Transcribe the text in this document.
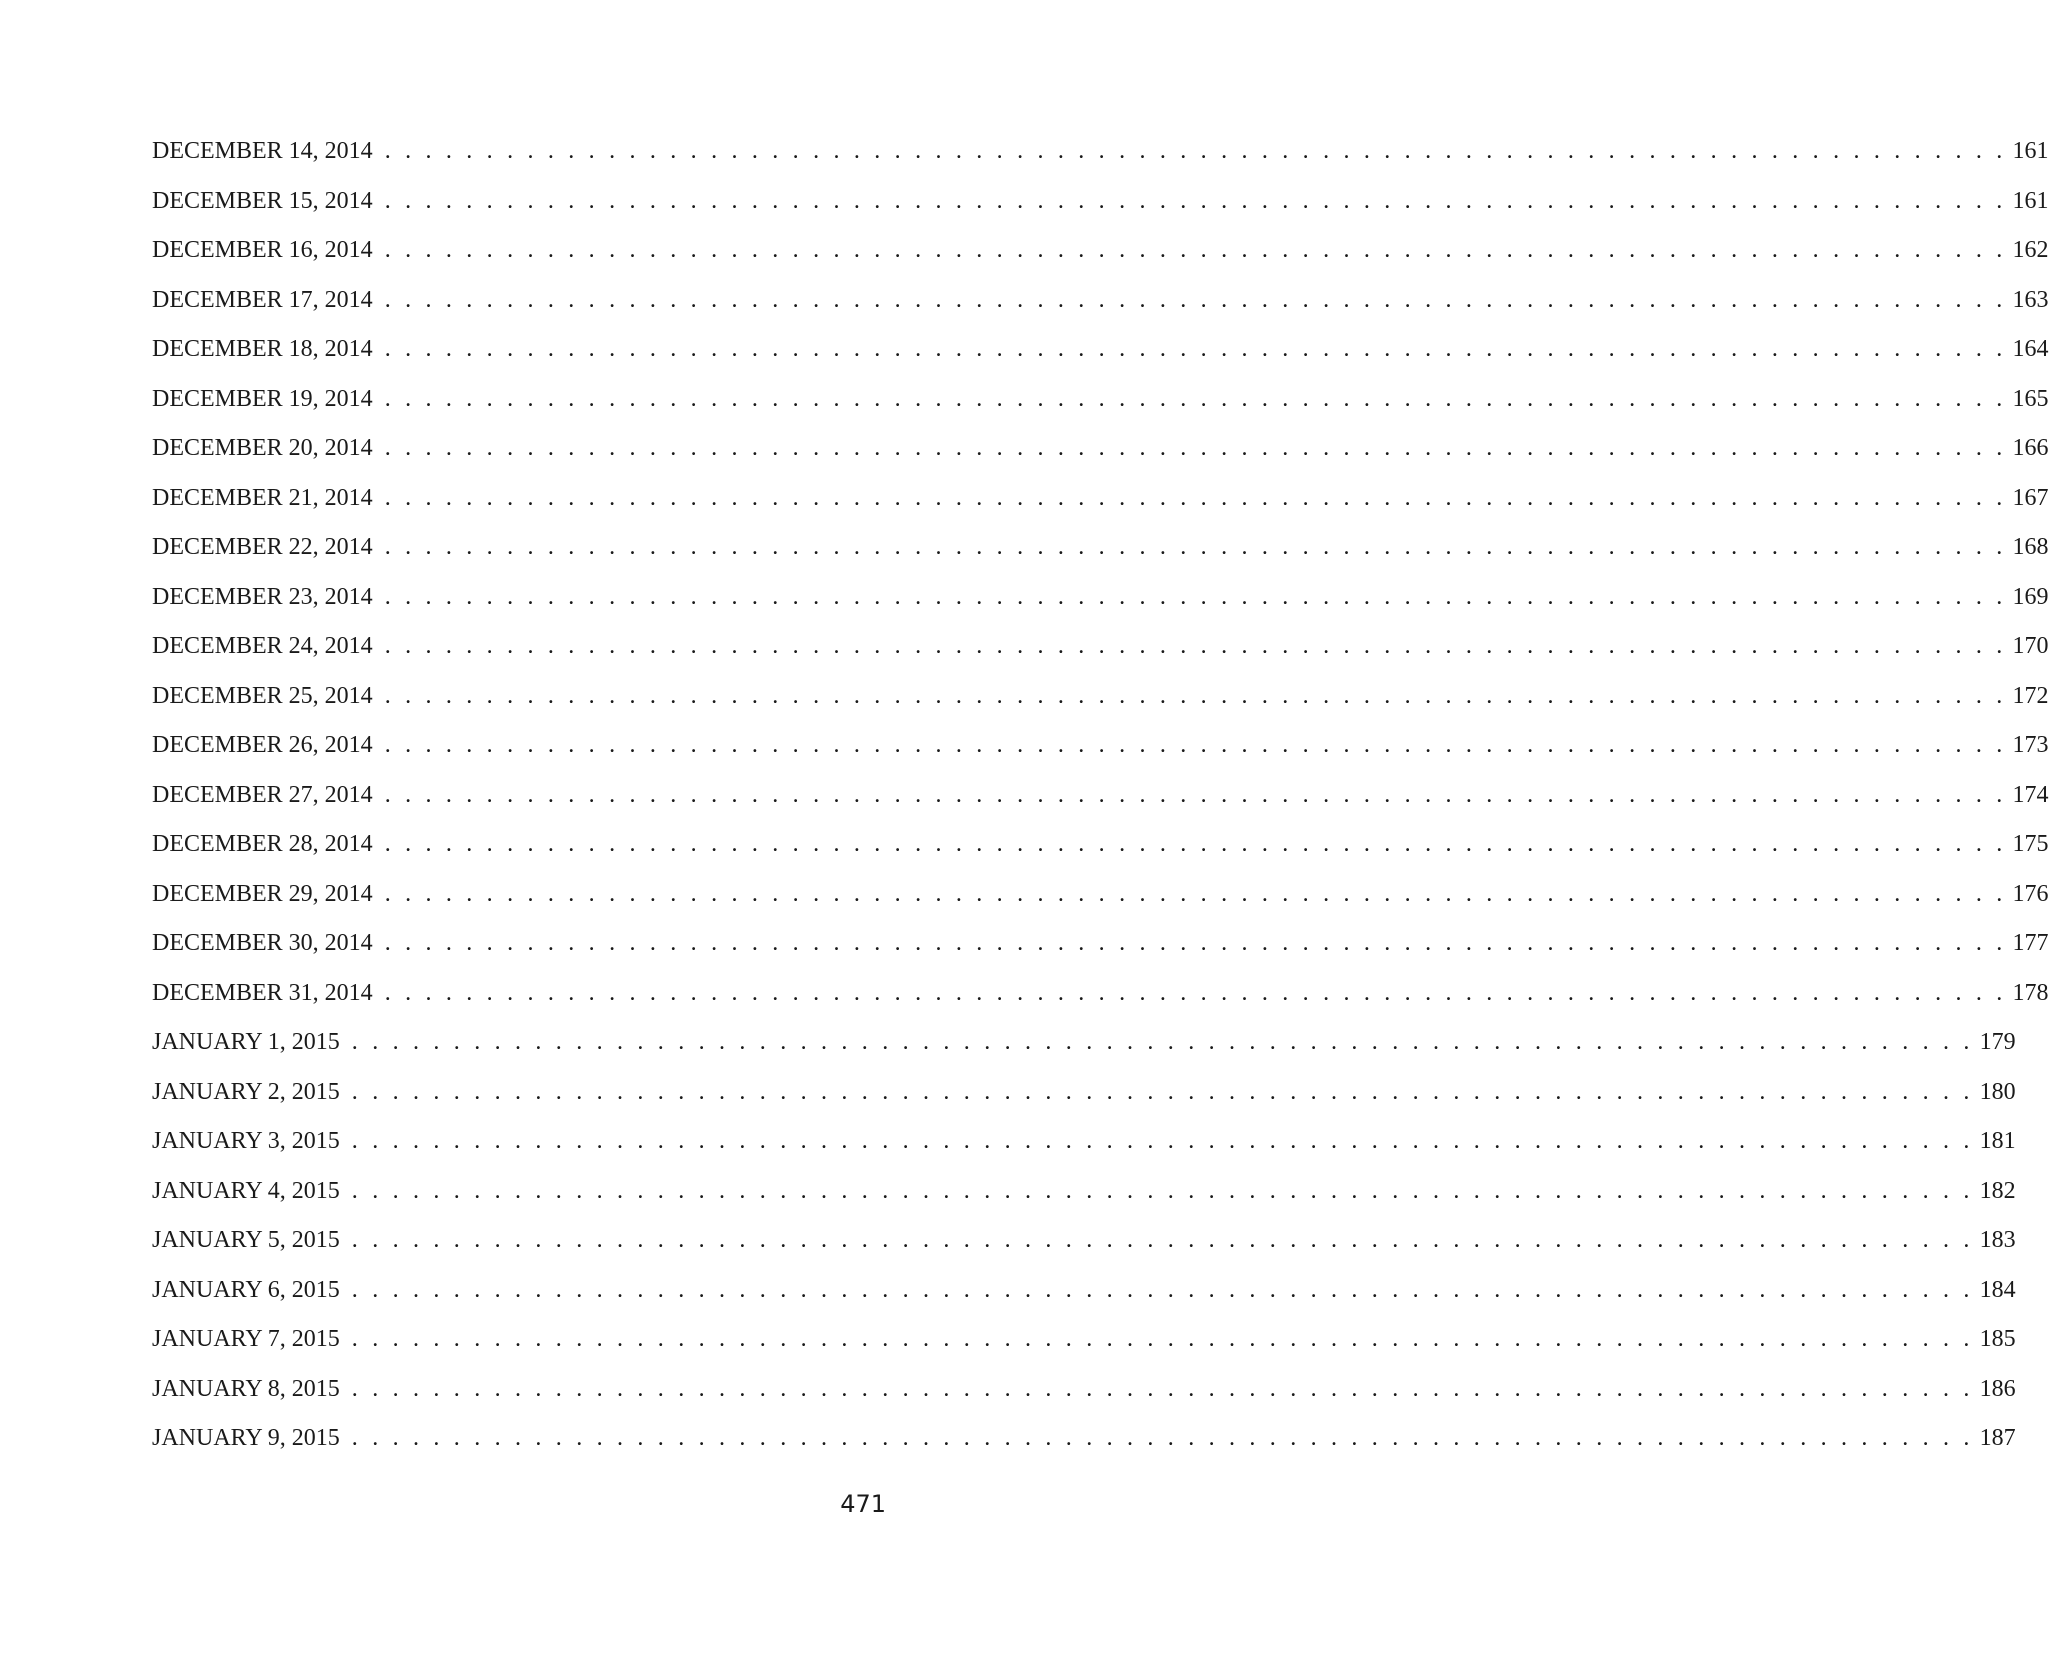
DECEMBER 14, 2014 . . . . . . . . . . . . . . . . . . . . . . . . . . . . . . . . . . . . . . . . . . . . . . . . . . . . . . . . . . . . . . . . . . . . . . . . . . . . . . . . 161
DECEMBER 15, 2014 . . . . . . . . . . . . . . . . . . . . . . . . . . . . . . . . . . . . . . . . . . . . . . . . . . . . . . . . . . . . . . . . . . . . . . . . . . . . . . . . 161
DECEMBER 16, 2014 . . . . . . . . . . . . . . . . . . . . . . . . . . . . . . . . . . . . . . . . . . . . . . . . . . . . . . . . . . . . . . . . . . . . . . . . . . . . . . . . 162
DECEMBER 17, 2014 . . . . . . . . . . . . . . . . . . . . . . . . . . . . . . . . . . . . . . . . . . . . . . . . . . . . . . . . . . . . . . . . . . . . . . . . . . . . . . . . 163
DECEMBER 18, 2014 . . . . . . . . . . . . . . . . . . . . . . . . . . . . . . . . . . . . . . . . . . . . . . . . . . . . . . . . . . . . . . . . . . . . . . . . . . . . . . . . 164
DECEMBER 19, 2014 . . . . . . . . . . . . . . . . . . . . . . . . . . . . . . . . . . . . . . . . . . . . . . . . . . . . . . . . . . . . . . . . . . . . . . . . . . . . . . . . 165
DECEMBER 20, 2014 . . . . . . . . . . . . . . . . . . . . . . . . . . . . . . . . . . . . . . . . . . . . . . . . . . . . . . . . . . . . . . . . . . . . . . . . . . . . . . . . 166
DECEMBER 21, 2014 . . . . . . . . . . . . . . . . . . . . . . . . . . . . . . . . . . . . . . . . . . . . . . . . . . . . . . . . . . . . . . . . . . . . . . . . . . . . . . . . 167
DECEMBER 22, 2014 . . . . . . . . . . . . . . . . . . . . . . . . . . . . . . . . . . . . . . . . . . . . . . . . . . . . . . . . . . . . . . . . . . . . . . . . . . . . . . . . 168
DECEMBER 23, 2014 . . . . . . . . . . . . . . . . . . . . . . . . . . . . . . . . . . . . . . . . . . . . . . . . . . . . . . . . . . . . . . . . . . . . . . . . . . . . . . . . 169
DECEMBER 24, 2014 . . . . . . . . . . . . . . . . . . . . . . . . . . . . . . . . . . . . . . . . . . . . . . . . . . . . . . . . . . . . . . . . . . . . . . . . . . . . . . . . 170
DECEMBER 25, 2014 . . . . . . . . . . . . . . . . . . . . . . . . . . . . . . . . . . . . . . . . . . . . . . . . . . . . . . . . . . . . . . . . . . . . . . . . . . . . . . . . 172
DECEMBER 26, 2014 . . . . . . . . . . . . . . . . . . . . . . . . . . . . . . . . . . . . . . . . . . . . . . . . . . . . . . . . . . . . . . . . . . . . . . . . . . . . . . . . 173
DECEMBER 27, 2014 . . . . . . . . . . . . . . . . . . . . . . . . . . . . . . . . . . . . . . . . . . . . . . . . . . . . . . . . . . . . . . . . . . . . . . . . . . . . . . . . 174
DECEMBER 28, 2014 . . . . . . . . . . . . . . . . . . . . . . . . . . . . . . . . . . . . . . . . . . . . . . . . . . . . . . . . . . . . . . . . . . . . . . . . . . . . . . . . 175
DECEMBER 29, 2014 . . . . . . . . . . . . . . . . . . . . . . . . . . . . . . . . . . . . . . . . . . . . . . . . . . . . . . . . . . . . . . . . . . . . . . . . . . . . . . . . 176
DECEMBER 30, 2014 . . . . . . . . . . . . . . . . . . . . . . . . . . . . . . . . . . . . . . . . . . . . . . . . . . . . . . . . . . . . . . . . . . . . . . . . . . . . . . . . 177
DECEMBER 31, 2014 . . . . . . . . . . . . . . . . . . . . . . . . . . . . . . . . . . . . . . . . . . . . . . . . . . . . . . . . . . . . . . . . . . . . . . . . . . . . . . . . 178
JANUARY 1, 2015 . . . . . . . . . . . . . . . . . . . . . . . . . . . . . . . . . . . . . . . . . . . . . . . . . . . . . . . . . . . . . . . . . . . . . . . . . . . . . . . . 179
JANUARY 2, 2015 . . . . . . . . . . . . . . . . . . . . . . . . . . . . . . . . . . . . . . . . . . . . . . . . . . . . . . . . . . . . . . . . . . . . . . . . . . . . . . . . 180
JANUARY 3, 2015 . . . . . . . . . . . . . . . . . . . . . . . . . . . . . . . . . . . . . . . . . . . . . . . . . . . . . . . . . . . . . . . . . . . . . . . . . . . . . . . . 181
JANUARY 4, 2015 . . . . . . . . . . . . . . . . . . . . . . . . . . . . . . . . . . . . . . . . . . . . . . . . . . . . . . . . . . . . . . . . . . . . . . . . . . . . . . . . 182
JANUARY 5, 2015 . . . . . . . . . . . . . . . . . . . . . . . . . . . . . . . . . . . . . . . . . . . . . . . . . . . . . . . . . . . . . . . . . . . . . . . . . . . . . . . . 183
JANUARY 6, 2015 . . . . . . . . . . . . . . . . . . . . . . . . . . . . . . . . . . . . . . . . . . . . . . . . . . . . . . . . . . . . . . . . . . . . . . . . . . . . . . . . 184
JANUARY 7, 2015 . . . . . . . . . . . . . . . . . . . . . . . . . . . . . . . . . . . . . . . . . . . . . . . . . . . . . . . . . . . . . . . . . . . . . . . . . . . . . . . . 185
JANUARY 8, 2015 . . . . . . . . . . . . . . . . . . . . . . . . . . . . . . . . . . . . . . . . . . . . . . . . . . . . . . . . . . . . . . . . . . . . . . . . . . . . . . . . 186
JANUARY 9, 2015 . . . . . . . . . . . . . . . . . . . . . . . . . . . . . . . . . . . . . . . . . . . . . . . . . . . . . . . . . . . . . . . . . . . . . . . . . . . . . . . . 187
471
